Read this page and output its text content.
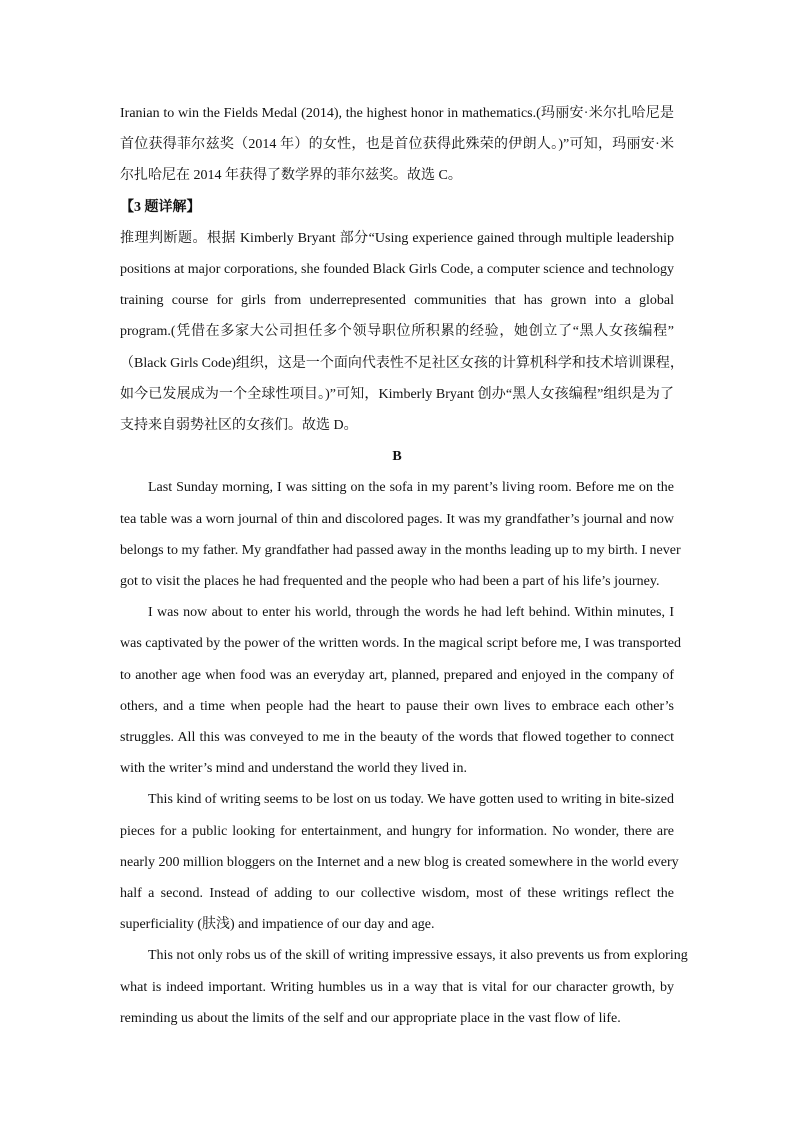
Iranian to win the Fields Medal (2014), the highest honor in mathematics.(玛丽安·米尔扎哈尼是
首位获得菲尔兹奖（2014 年）的女性，也是首位获得此殊荣的伊朗人。)”可知，玛丽安·米
尔扎哈尼在 2014 年获得了数学界的菲尔兹奖。故选 C。
【3 题详解】
推理判断题。根据 Kimberly Bryant 部分“Using experience gained through multiple leadership
positions at major corporations, she founded Black Girls Code, a computer science and technology
training course for girls from underrepresented communities that has grown into a global
program.(凭借在多家大公司担任多个领导职位所积累的经验，她创立了“黑人女孩编程”
（Black Girls Code)组织，这是一个面向代表性不足社区女孩的计算机科学和技术培训课程，
如今已发展成为一个全球性项目。)”可知，Kimberly Bryant 创办“黑人女孩编程”组织是为了
支持来自弱势社区的女孩们。故选 D。
B
Last Sunday morning, I was sitting on the sofa in my parent’s living room. Before me on the
tea table was a worn journal of thin and discolored pages. It was my grandfather’s journal and now
belongs to my father. My grandfather had passed away in the months leading up to my birth. I never
got to visit the places he had frequented and the people who had been a part of his life’s journey.
I was now about to enter his world, through the words he had left behind. Within minutes, I
was captivated by the power of the written words. In the magical script before me, I was transported
to another age when food was an everyday art, planned, prepared and enjoyed in the company of
others, and a time when people had the heart to pause their own lives to embrace each other’s
struggles. All this was conveyed to me in the beauty of the words that flowed together to connect
with the writer’s mind and understand the world they lived in.
This kind of writing seems to be lost on us today. We have gotten used to writing in bite-sized
pieces for a public looking for entertainment, and hungry for information. No wonder, there are
nearly 200 million bloggers on the Internet and a new blog is created somewhere in the world every
half a second. Instead of adding to our collective wisdom, most of these writings reflect the
superficiality (肤浅) and impatience of our day and age.
This not only robs us of the skill of writing impressive essays, it also prevents us from exploring
what is indeed important. Writing humbles us in a way that is vital for our character growth, by
reminding us about the limits of the self and our appropriate place in the vast flow of life.
